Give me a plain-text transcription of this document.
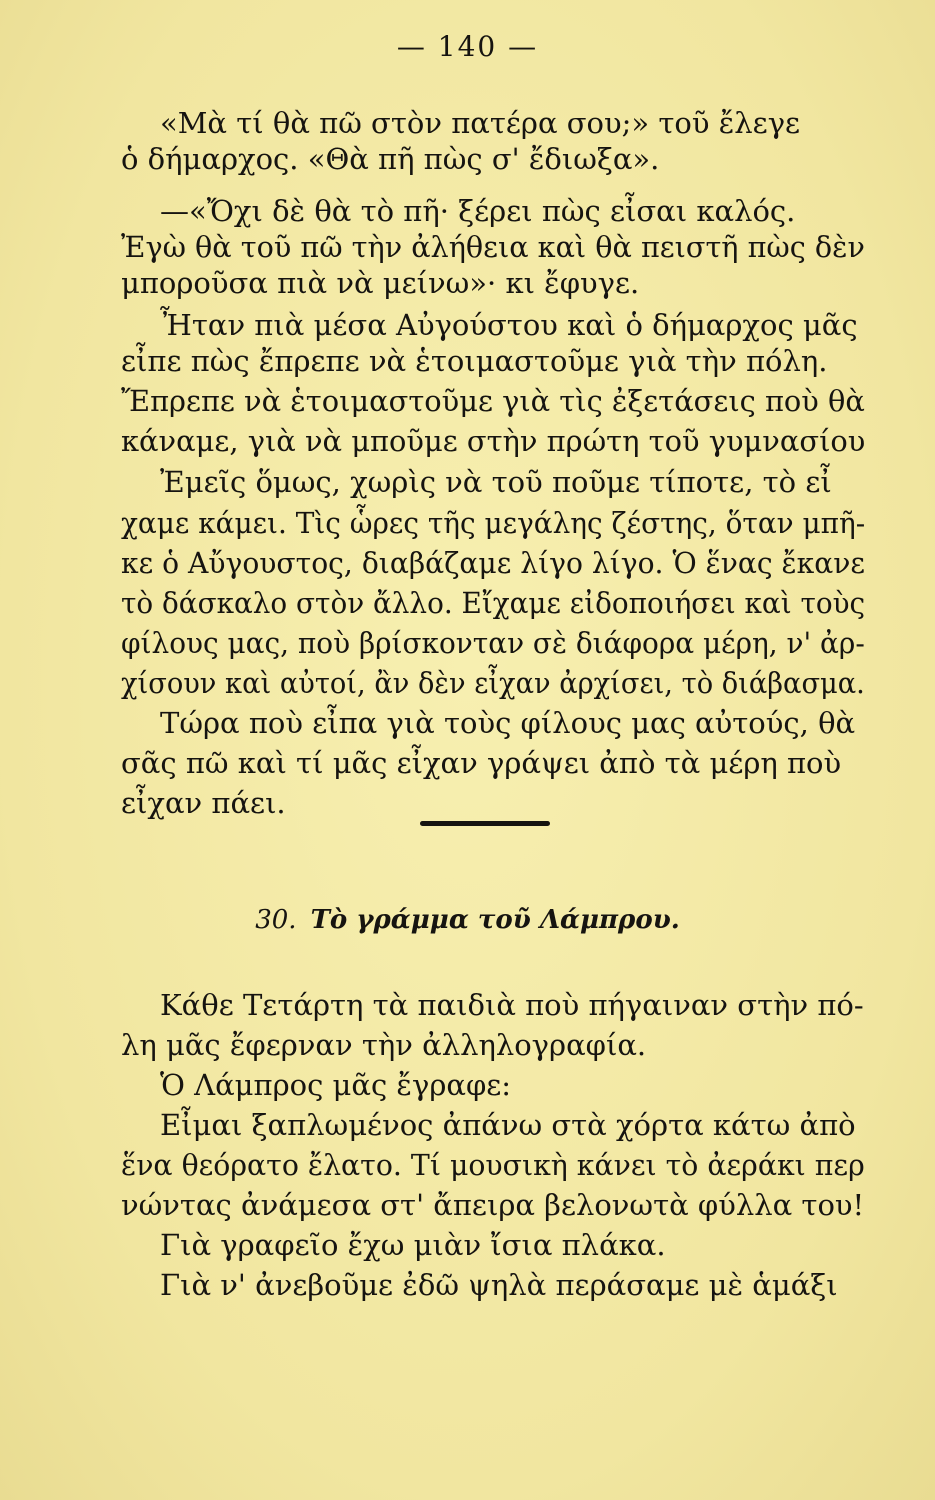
— 140 —
«Μὰ τί θὰ πῶ στὸν πατέρα σου;» τοῦ ἔλεγε
ὁ δήμαρχος. «Θὰ πῆ πὼς σ' ἔδιωξα».
—«Ὄχι δὲ θὰ τὸ πῆ· ξέρει πὼς εἶσαι καλός.
Ἐγὼ θὰ τοῦ πῶ τὴν ἀλήθεια καὶ θὰ πειστῆ πὼς δὲν
μποροῦσα πιὰ νὰ μείνω»· κι ἔφυγε.
Ἦταν πιὰ μέσα Αὐγούστου καὶ ὁ δήμαρχος μᾶς
εἶπε πὼς ἔπρεπε νὰ ἑτοιμαστοῦμε γιὰ τὴν πόλη.
Ἔπρεπε νὰ ἑτοιμαστοῦμε γιὰ τὶς ἐξετάσεις ποὺ θὰ
κάναμε, γιὰ νὰ μποῦμε στὴν πρώτη τοῦ γυμνασίου
Ἐμεῖς ὅμως, χωρὶς νὰ τοῦ ποῦμε τίποτε, τὸ εἶ
χαμε κάμει. Τὶς ὧρες τῆς μεγάλης ζέστης, ὅταν μπῆ-
κε ὁ Αὔγουστος, διαβάζαμε λίγο λίγο. Ὁ ἕνας ἔκανε
τὸ δάσκαλο στὸν ἄλλο. Εἴχαμε εἰδοποιήσει καὶ τοὺς
φίλους μας, ποὺ βρίσκονταν σὲ διάφορα μέρη, ν' ἀρ-
χίσουν καὶ αὐτοί, ἂν δὲν εἶχαν ἀρχίσει, τὸ διάβασμα.
Τώρα ποὺ εἶπα γιὰ τοὺς φίλους μας αὐτούς, θὰ
σᾶς πῶ καὶ τί μᾶς εἶχαν γράψει ἀπὸ τὰ μέρη ποὺ
εἶχαν πάει.
30. Τὸ γράμμα τοῦ Λάμπρου.
Κάθε Τετάρτη τὰ παιδιὰ ποὺ πήγαιναν στὴν πό-
λη μᾶς ἔφερναν τὴν ἀλληλογραφία.
Ὁ Λάμπρος μᾶς ἔγραφε:
Εἶμαι ξαπλωμένος ἀπάνω στὰ χόρτα κάτω ἀπὸ
ἕνα θεόρατο ἔλατο. Τί μουσικὴ κάνει τὸ ἀεράκι περ
νώντας ἀνάμεσα στ' ἄπειρα βελονωτὰ φύλλα του!
Γιὰ γραφεῖο ἔχω μιὰν ἴσια πλάκα.
Γιὰ ν' ἀνεβοῦμε ἐδῶ ψηλὰ περάσαμε μὲ ἁμάξι
